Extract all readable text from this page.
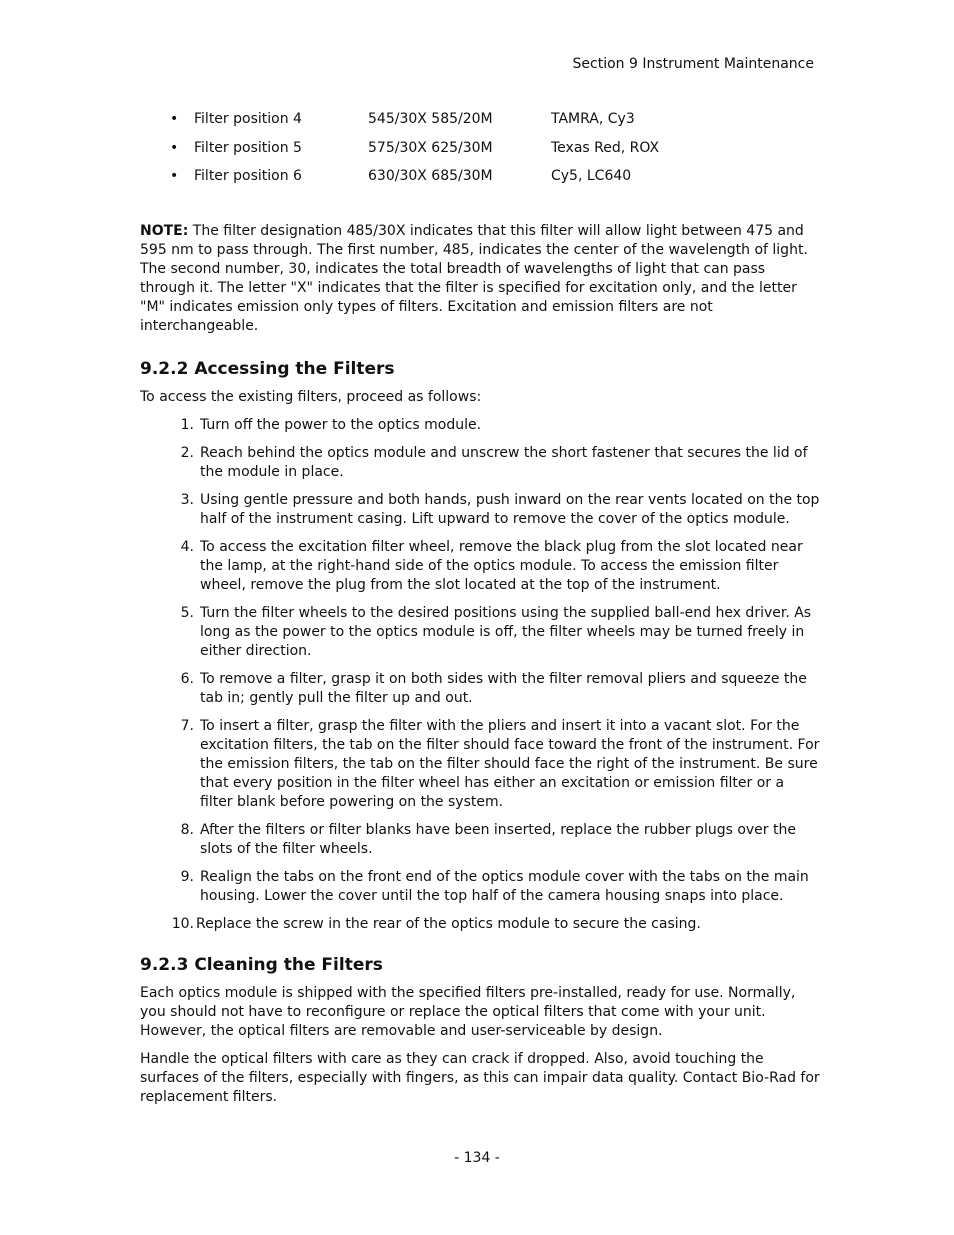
Section 9 Instrument Maintenance
•	Filter position 4	545/30X 585/20M	TAMRA, Cy3
•	Filter position 5	575/30X 625/30M	Texas Red, ROX
•	Filter position 6	630/30X 685/30M	Cy5, LC640

NOTE: The filter designation 485/30X indicates that this filter will allow light between 475 and 595 nm to pass through. The first number, 485, indicates the center of the wavelength of light. The second number, 30, indicates the total breadth of wavelengths of light that can pass through it. The letter "X" indicates that the filter is specified for excitation only, and the letter "M" indicates emission only types of filters. Excitation and emission filters are not interchangeable.

9.2.2 Accessing the Filters
To access the existing filters, proceed as follows:
1. Turn off the power to the optics module.
2. Reach behind the optics module and unscrew the short fastener that secures the lid of the module in place.
3. Using gentle pressure and both hands, push inward on the rear vents located on the top half of the instrument casing. Lift upward to remove the cover of the optics module.
4. To access the excitation filter wheel, remove the black plug from the slot located near the lamp, at the right-hand side of the optics module. To access the emission filter wheel, remove the plug from the slot located at the top of the instrument.
5. Turn the filter wheels to the desired positions using the supplied ball-end hex driver. As long as the power to the optics module is off, the filter wheels may be turned freely in either direction.
6. To remove a filter, grasp it on both sides with the filter removal pliers and squeeze the tab in; gently pull the filter up and out.
7. To insert a filter, grasp the filter with the pliers and insert it into a vacant slot. For the excitation filters, the tab on the filter should face toward the front of the instrument. For the emission filters, the tab on the filter should face the right of the instrument. Be sure that every position in the filter wheel has either an excitation or emission filter or a filter blank before powering on the system.
8. After the filters or filter blanks have been inserted, replace the rubber plugs over the slots of the filter wheels.
9. Realign the tabs on the front end of the optics module cover with the tabs on the main housing. Lower the cover until the top half of the camera housing snaps into place.
10. Replace the screw in the rear of the optics module to secure the casing.
9.2.3 Cleaning the Filters

Each optics module is shipped with the specified filters pre-installed, ready for use. Normally, you should not have to reconfigure or replace the optical filters that come with your unit. However, the optical filters are removable and user-serviceable by design.

Handle the optical filters with care as they can crack if dropped. Also, avoid touching the surfaces of the filters, especially with fingers, as this can impair data quality. Contact Bio-Rad for replacement filters.

- 134 -
